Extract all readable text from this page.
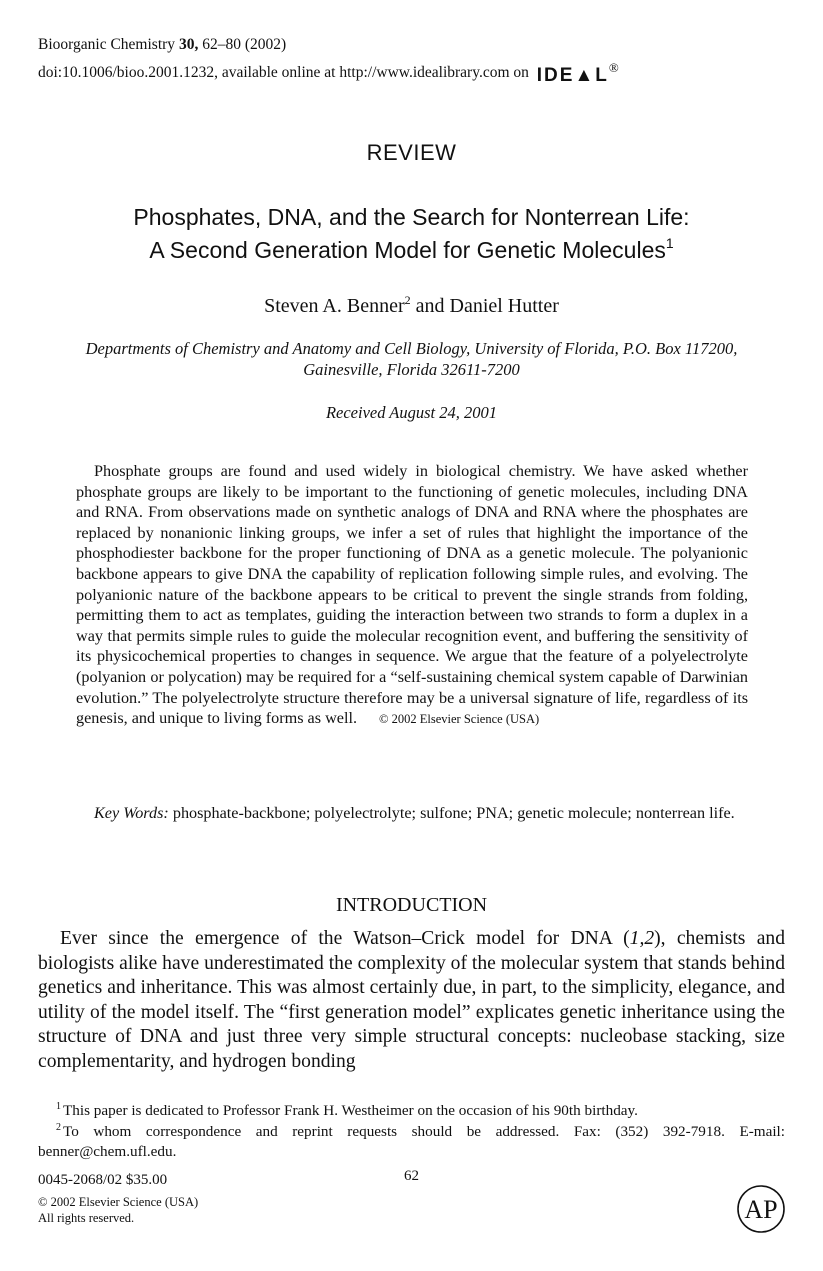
Bioorganic Chemistry 30, 62–80 (2002)
doi:10.1006/bioo.2001.1232, available online at http://www.idealibrary.com on IDE▲L®
REVIEW
Phosphates, DNA, and the Search for Nonterrean Life:
A Second Generation Model for Genetic Molecules$^1$
Steven A. Benner$^2$ and Daniel Hutter
Departments of Chemistry and Anatomy and Cell Biology, University of Florida, P.O. Box 117200,
Gainesville, Florida 32611-7200
Received August 24, 2001
Phosphate groups are found and used widely in biological chemistry. We have asked whether phosphate groups are likely to be important to the functioning of genetic molecules, including DNA and RNA. From observations made on synthetic analogs of DNA and RNA where the phosphates are replaced by nonanionic linking groups, we infer a set of rules that highlight the importance of the phosphodiester backbone for the proper functioning of DNA as a genetic molecule. The polyanionic backbone appears to give DNA the capability of replication following simple rules, and evolving. The polyanionic nature of the backbone appears to be critical to prevent the single strands from folding, permitting them to act as templates, guiding the interaction between two strands to form a duplex in a way that permits simple rules to guide the molecular recognition event, and buffering the sensitivity of its physicochemical properties to changes in sequence. We argue that the feature of a polyelectrolyte (polyanion or polycation) may be required for a “self-sustaining chemical system capable of Darwinian evolution.” The polyelectrolyte structure therefore may be a universal signature of life, regardless of its genesis, and unique to living forms as well. © 2002 Elsevier Science (USA)
Key Words: phosphate-backbone; polyelectrolyte; sulfone; PNA; genetic molecule; nonterrean life.
INTRODUCTION
Ever since the emergence of the Watson–Crick model for DNA (1,2), chemists and biologists alike have underestimated the complexity of the molecular system that stands behind genetics and inheritance. This was almost certainly due, in part, to the simplicity, elegance, and utility of the model itself. The “first generation model” explicates genetic inheritance using the structure of DNA and just three very simple structural concepts: nucleobase stacking, size complementarity, and hydrogen bonding
$^1$ This paper is dedicated to Professor Frank H. Westheimer on the occasion of his 90th birthday.
$^2$ To whom correspondence and reprint requests should be addressed. Fax: (352) 392-7918. E-mail: benner@chem.ufl.edu.
0045-2068/02 $35.00	62
© 2002 Elsevier Science (USA)
All rights reserved.	AP
